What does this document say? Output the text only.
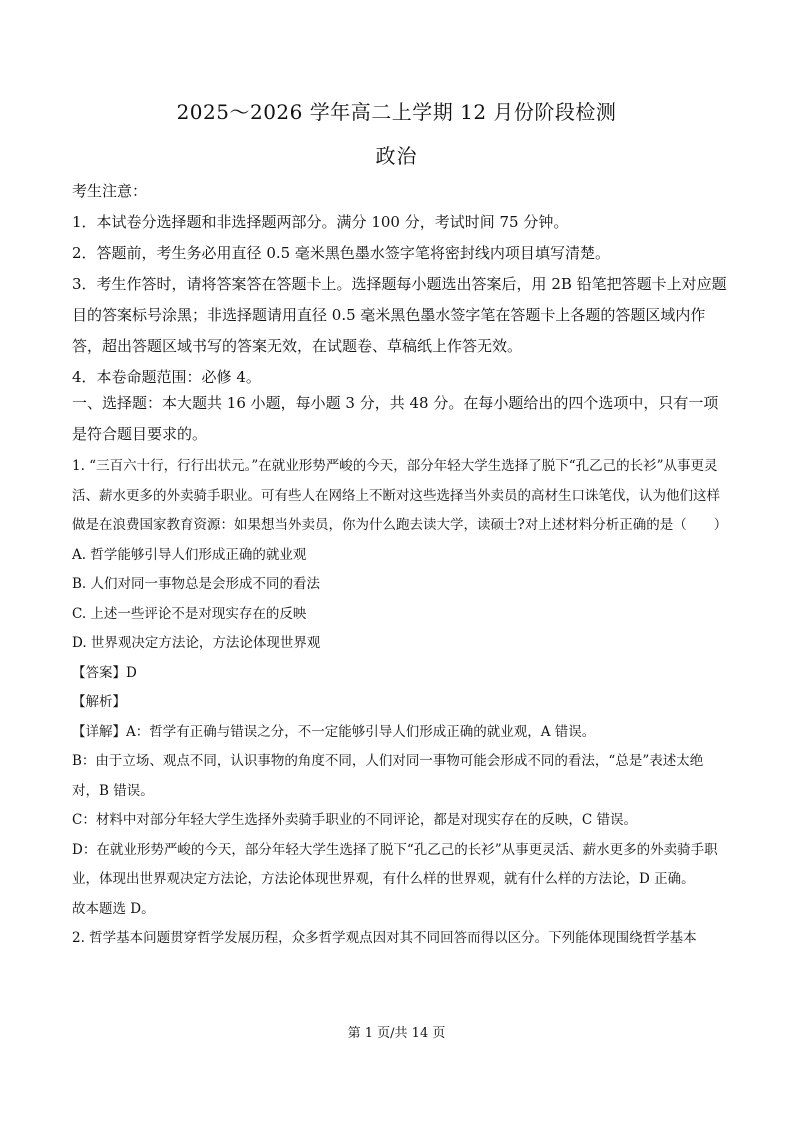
2025～2026 学年高二上学期 12 月份阶段检测
政治

考生注意：

1．本试卷分选择题和非选择题两部分。满分 100 分，考试时间 75 分钟。

2．答题前，考生务必用直径 0.5 毫米黑色墨水签字笔将密封线内项目填写清楚。

3．考生作答时，请将答案答在答题卡上。选择题每小题选出答案后，用 2B 铅笔把答题卡上对应题目的答案标号涂黑；非选择题请用直径 0.5 毫米黑色墨水签字笔在答题卡上各题的答题区域内作答，超出答题区域书写的答案无效，在试题卷、草稿纸上作答无效。

4．本卷命题范围：必修 4。

一、选择题：本大题共 16 小题，每小题 3 分，共 48 分。在每小题给出的四个选项中，只有一项是符合题目要求的。

1. “三百六十行，行行出状元。”在就业形势严峻的今天，部分年轻大学生选择了脱下“孔乙己的长衫”从事更灵活、薪水更多的外卖骑手职业。可有些人在网络上不断对这些选择当外卖员的高材生口诛笔伐，认为他们这样做是在浪费国家教育资源：如果想当外卖员，你为什么跑去读大学，读硕士?对上述材料分析正确的是（　　）

A. 哲学能够引导人们形成正确的就业观

B. 人们对同一事物总是会形成不同的看法

C. 上述一些评论不是对现实存在的反映

D. 世界观决定方法论，方法论体现世界观

【答案】D

【解析】

【详解】A：哲学有正确与错误之分，不一定能够引导人们形成正确的就业观，A 错误。

B：由于立场、观点不同，认识事物的角度不同，人们对同一事物可能会形成不同的看法，“总是”表述太绝对，B 错误。

C：材料中对部分年轻大学生选择外卖骑手职业的不同评论，都是对现实存在的反映，C 错误。

D：在就业形势严峻的今天，部分年轻大学生选择了脱下“孔乙己的长衫”从事更灵活、薪水更多的外卖骑手职业，体现出世界观决定方法论，方法论体现世界观，有什么样的世界观，就有什么样的方法论，D 正确。

故本题选 D。

2. 哲学基本问题贯穿哲学发展历程，众多哲学观点因对其不同回答而得以区分。下列能体现围绕哲学基本

第 1 页/共 14 页
